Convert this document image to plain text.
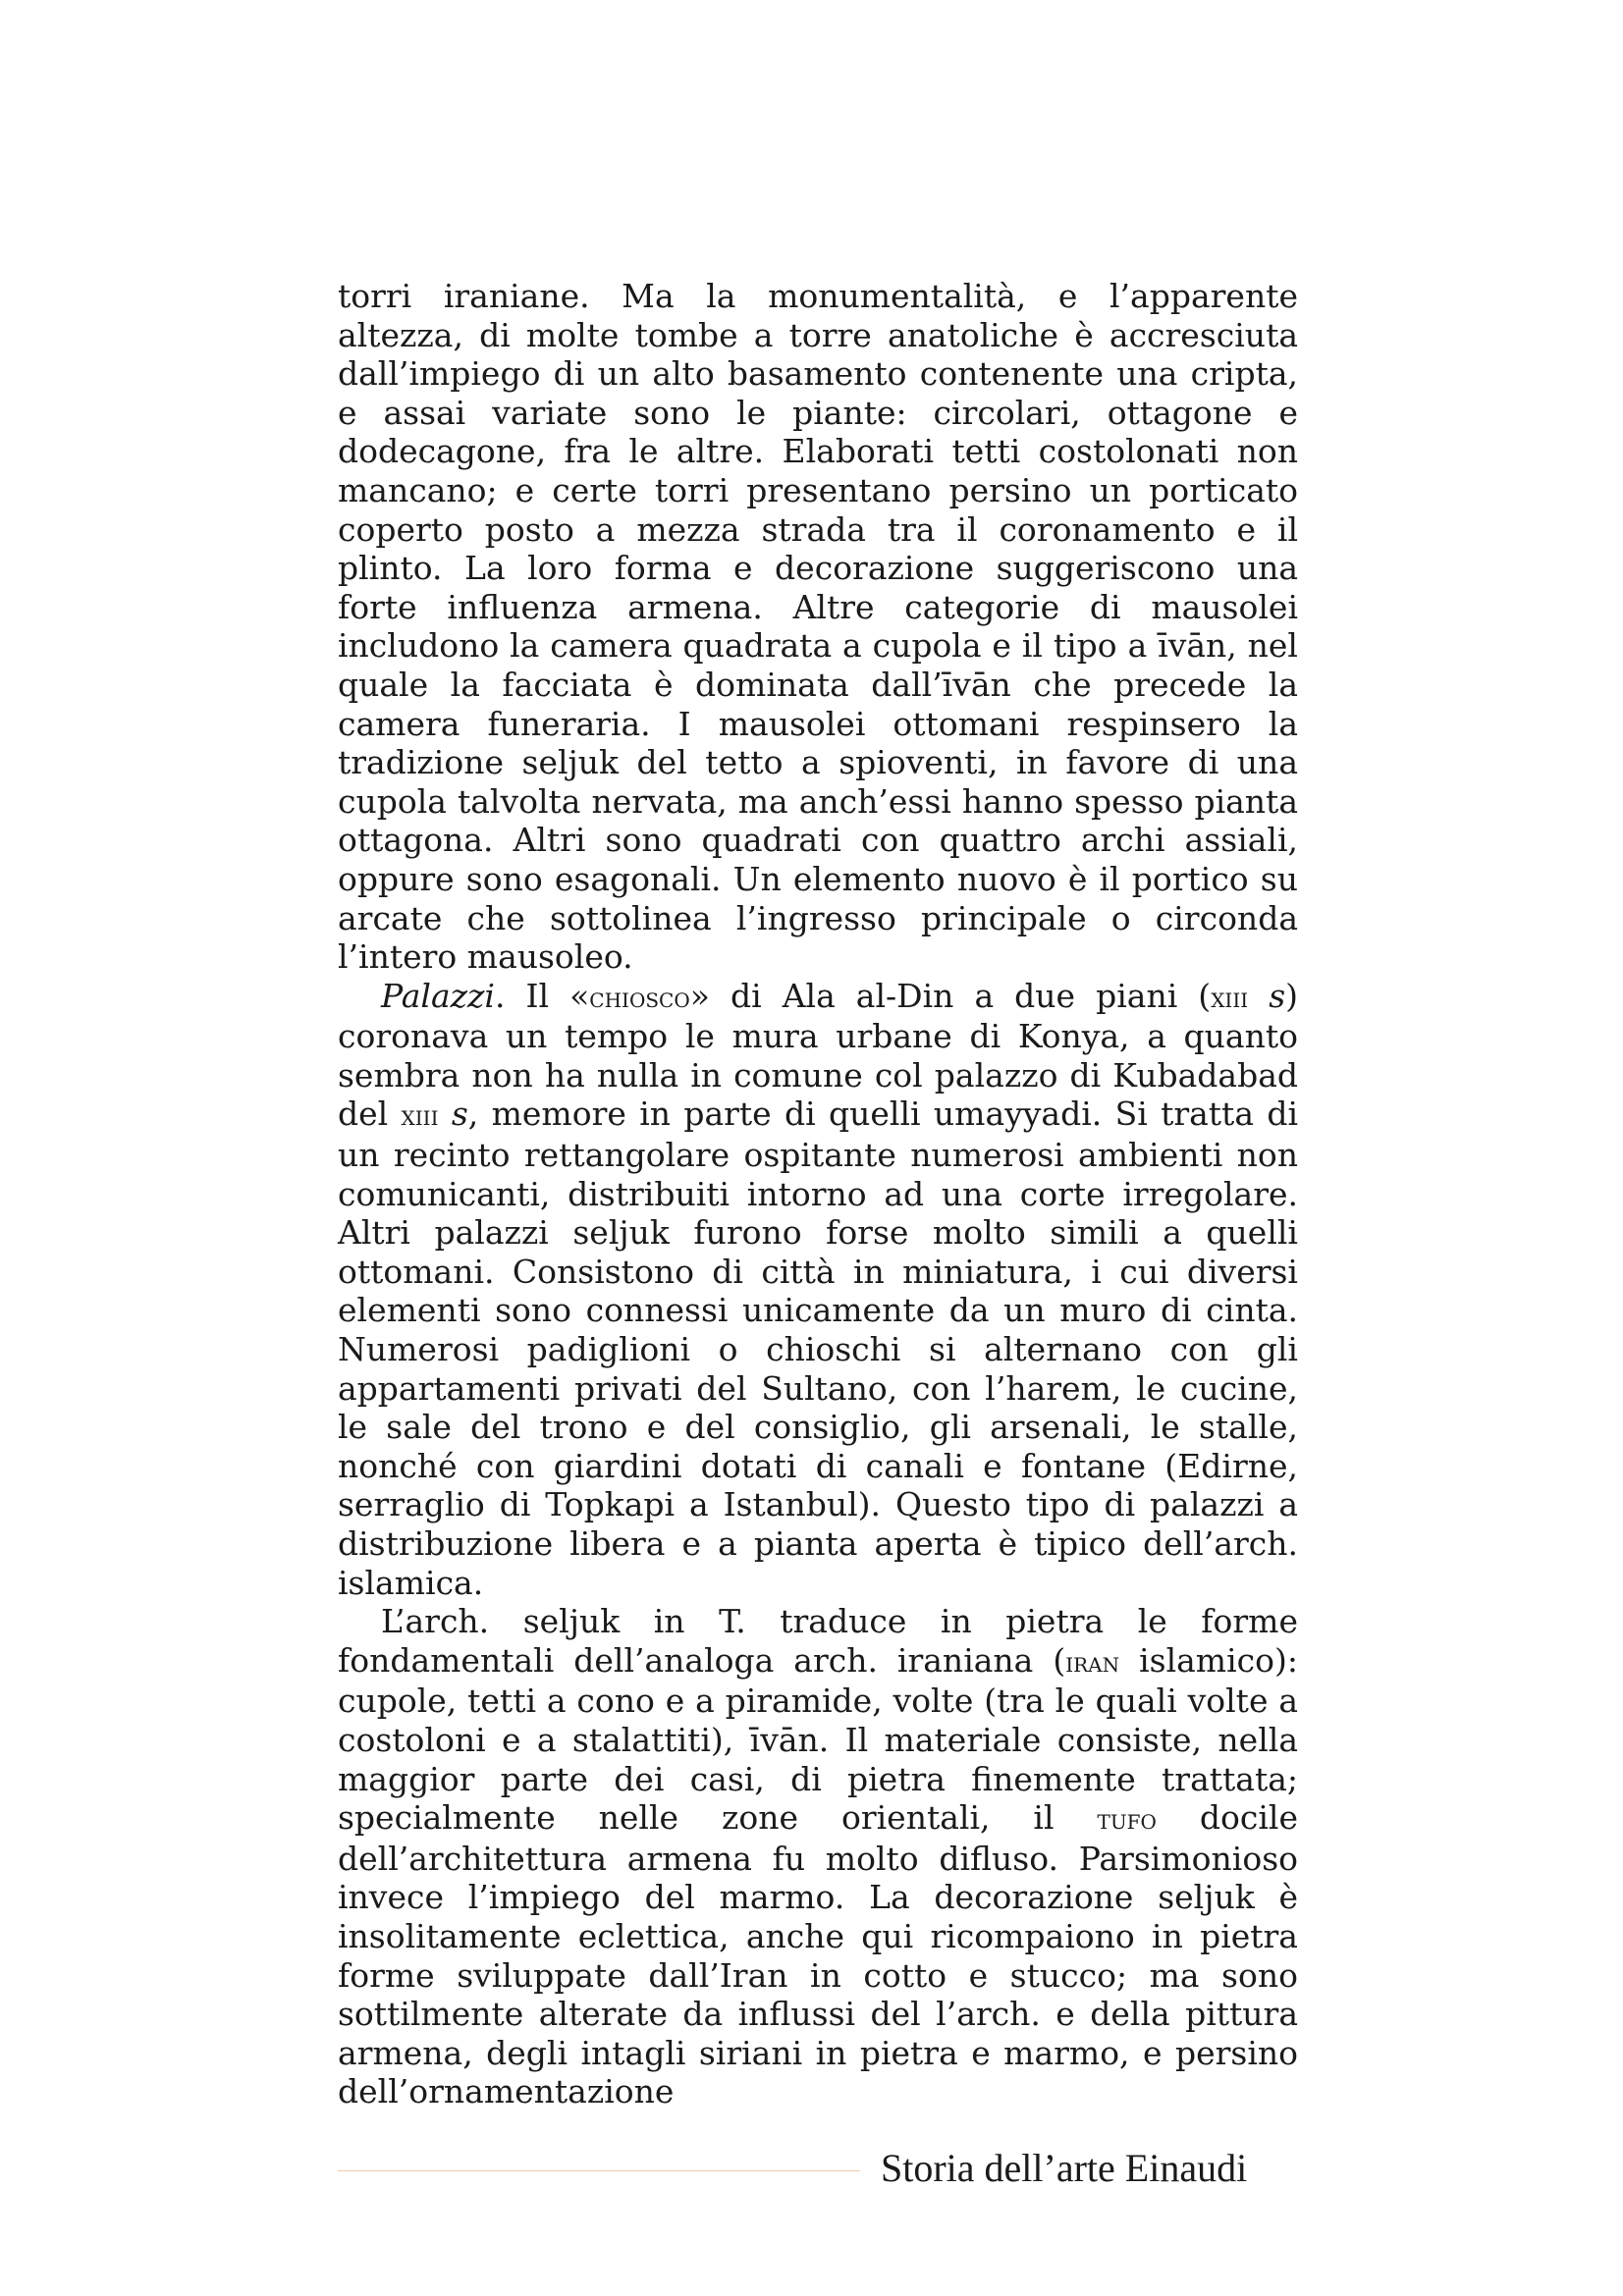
torri iraniane. Ma la monumentalità, e l’apparente altezza, di molte tombe a torre anatoliche è accresciuta dall’impiego di un alto basamento contenente una cripta, e assai variate sono le piante: circolari, ottagone e dodecagone, fra le altre. Elaborati tetti costolonati non mancano; e certe torri presentano persino un porticato coperto posto a mezza strada tra il coronamento e il plinto. La loro forma e decorazione suggeriscono una forte influenza armena. Altre categorie di mausolei includono la camera quadrata a cupola e il tipo a īvān, nel quale la facciata è dominata dall’īvān che precede la camera funeraria. I mausolei ottomani respinsero la tradizione seljuk del tetto a spioventi, in favore di una cupola talvolta nervata, ma anch’essi hanno spesso pianta ottagona. Altri sono quadrati con quattro archi assiali, oppure sono esagonali. Un elemento nuovo è il portico su arcate che sottolinea l’ingresso principale o circonda l’intero mausoleo.

Palazzi. Il «chiosco» di Ala al-Din a due piani (xiii s) coronava un tempo le mura urbane di Konya, a quanto sembra non ha nulla in comune col palazzo di Kubadabad del xiii s, memore in parte di quelli umayyadi. Si tratta di un recinto rettangolare ospitante numerosi ambienti non comunicanti, distribuiti intorno ad una corte irregolare. Altri palazzi seljuk furono forse molto simili a quelli ottomani. Consistono di città in miniatura, i cui diversi elementi sono connessi unicamente da un muro di cinta. Numerosi padiglioni o chioschi si alternano con gli appartamenti privati del Sultano, con l’harem, le cucine, le sale del trono e del consiglio, gli arsenali, le stalle, nonché con giardini dotati di canali e fontane (Edirne, serraglio di Topkapi a Istanbul). Questo tipo di palazzi a distribuzione libera e a pianta aperta è tipico dell’arch. islamica.

L’arch. seljuk in T. traduce in pietra le forme fondamentali dell’analoga arch. iraniana (iran islamico): cupole, tetti a cono e a piramide, volte (tra le quali volte a costoloni e a stalattiti), īvān. Il materiale consiste, nella maggior parte dei casi, di pietra finemente trattata; specialmente nelle zone orientali, il tufo docile dell’architettura armena fu molto difluso. Parsimonioso invece l’impiego del marmo. La decorazione seljuk è insolitamente eclettica, anche qui ricompaiono in pietra forme sviluppate dall’Iran in cotto e stucco; ma sono sottilmente alterate da influssi del l’arch. e della pittura armena, degli intagli siriani in pietra e marmo, e persino dell’ornamentazione

Storia dell’arte Einaudi
